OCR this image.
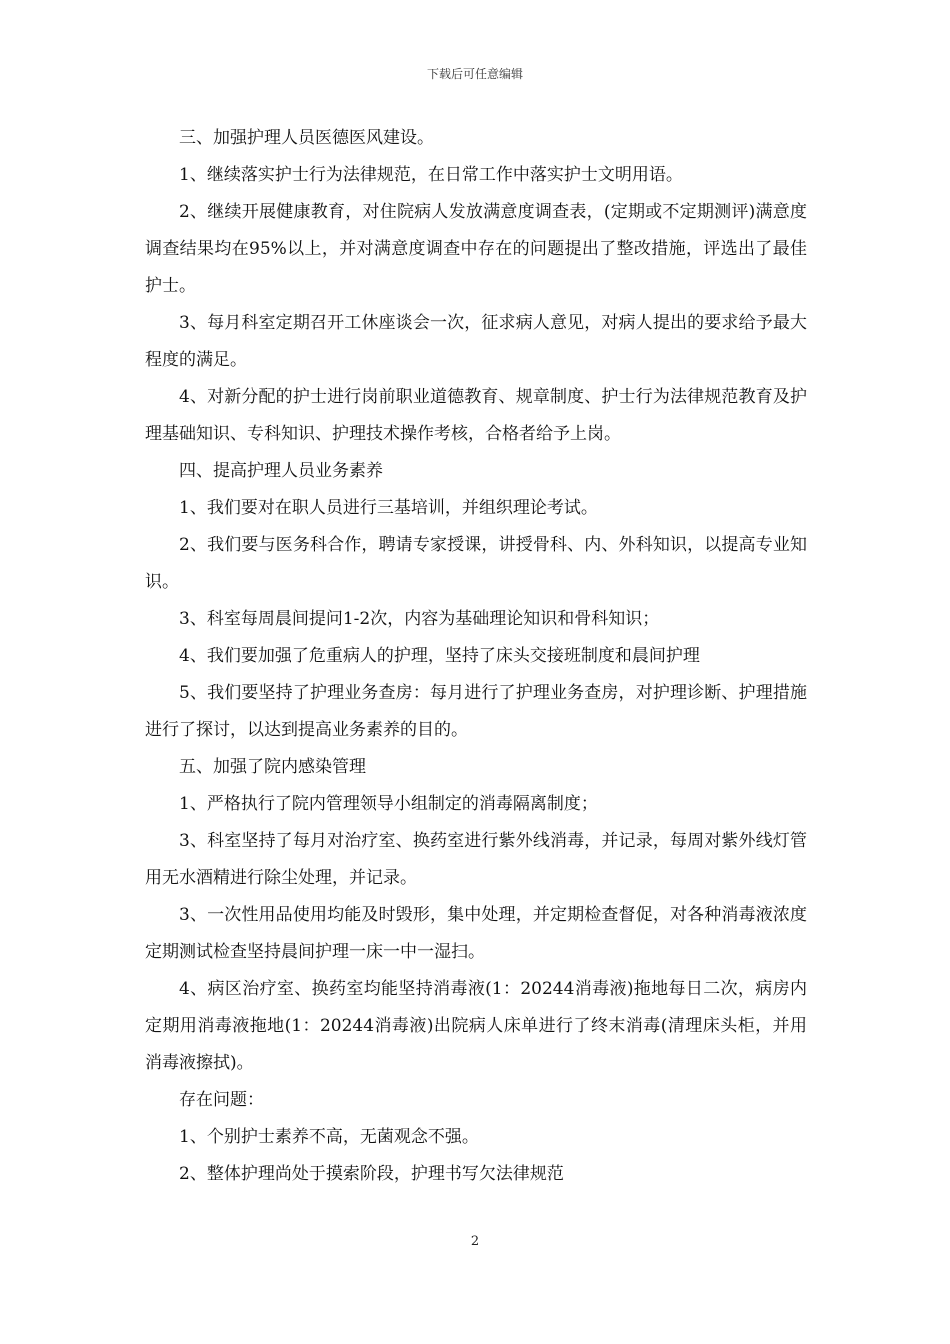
下载后可任意编辑

三、加强护理人员医德医风建设。

1、继续落实护士行为法律规范，在日常工作中落实护士文明用语。

2、继续开展健康教育，对住院病人发放满意度调查表，(定期或不定期测评)满意度调查结果均在95%以上，并对满意度调查中存在的问题提出了整改措施，评选出了最佳护士。

3、每月科室定期召开工休座谈会一次，征求病人意见，对病人提出的要求给予最大程度的满足。

4、对新分配的护士进行岗前职业道德教育、规章制度、护士行为法律规范教育及护理基础知识、专科知识、护理技术操作考核，合格者给予上岗。

四、提高护理人员业务素养

1、我们要对在职人员进行三基培训，并组织理论考试。

2、我们要与医务科合作，聘请专家授课，讲授骨科、内、外科知识，以提高专业知识。

3、科室每周晨间提问1-2次，内容为基础理论知识和骨科知识；

4、我们要加强了危重病人的护理，坚持了床头交接班制度和晨间护理

5、我们要坚持了护理业务查房：每月进行了护理业务查房，对护理诊断、护理措施进行了探讨，以达到提高业务素养的目的。

五、加强了院内感染管理

1、严格执行了院内管理领导小组制定的消毒隔离制度；

3、科室坚持了每月对治疗室、换药室进行紫外线消毒，并记录，每周对紫外线灯管用无水酒精进行除尘处理，并记录。

3、一次性用品使用均能及时毁形，集中处理，并定期检查督促，对各种消毒液浓度定期测试检查坚持晨间护理一床一中一湿扫。

4、病区治疗室、换药室均能坚持消毒液(1：20244消毒液)拖地每日二次，病房内定期用消毒液拖地(1：20244消毒液)出院病人床单进行了终末消毒(清理床头柜，并用消毒液擦拭)。

存在问题：

1、个别护士素养不高，无菌观念不强。

2、整体护理尚处于摸索阶段，护理书写欠法律规范

2
